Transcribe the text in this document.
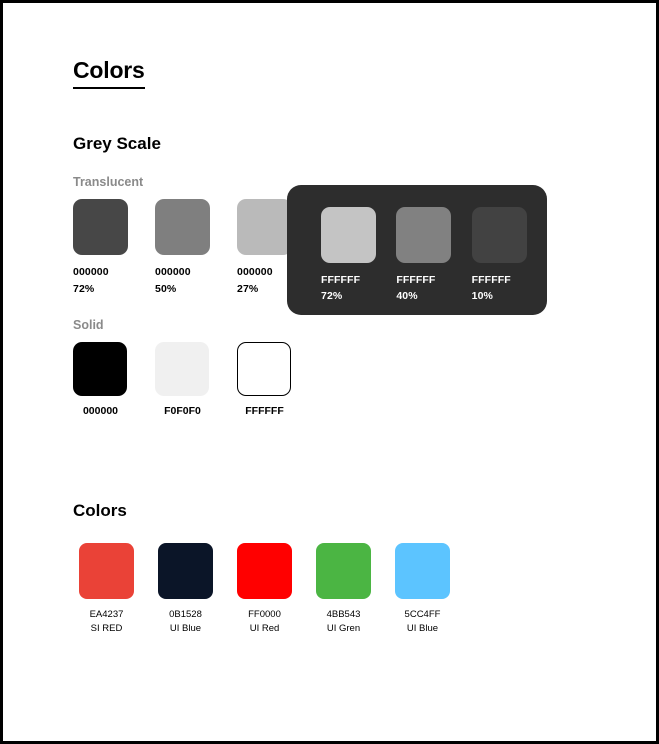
Colors
Grey Scale
Translucent
000000
72%
000000
50%
000000
27%
Solid
000000	F0F0F0	FFFFFF
Colors
EA4237
SI RED
0B1528
UI Blue
FF0000
UI Red
4BB543
UI Gren
5CC4FF
UI Blue
FFFFFF
72%
FFFFFF
40%
FFFFFF
10%
